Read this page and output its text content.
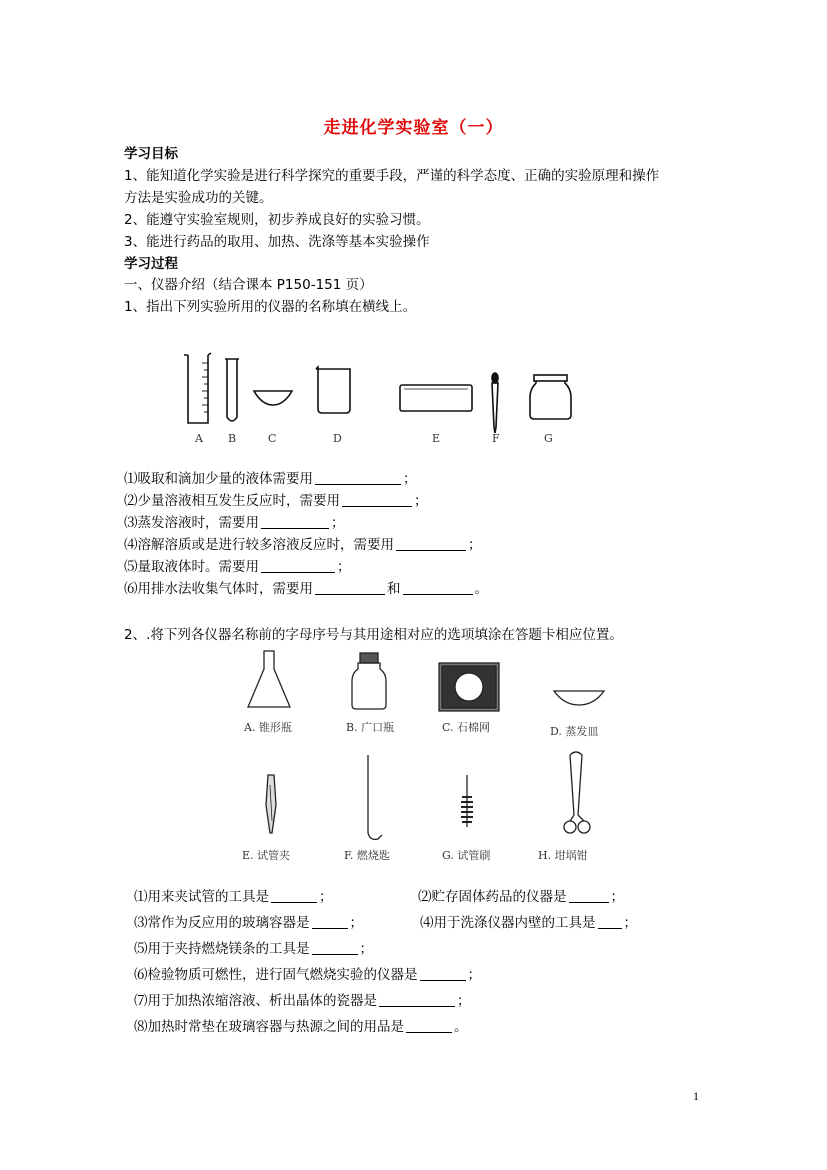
走进化学实验室（一）
学习目标
1、能知道化学实验是进行科学探究的重要手段，严谨的科学态度、正确的实验原理和操作
方法是实验成功的关键。
2、能遵守实验室规则，初步养成良好的实验习惯。
3、能进行药品的取用、加热、洗涤等基本实验操作
学习过程
一、仪器介绍（结合课本 P150-151 页）
1、指出下列实验所用的仪器的名称填在横线上。
A B	C	D	E	F	G
⑴吸取和滴加少量的液体需要用	；
⑵少量溶液相互发生反应时，需要用	；
⑶蒸发溶液时，需要用	；
⑷溶解溶质或是进行较多溶液反应时，需要用	；
⑸量取液体时。需要用	；
⑹用排水法收集气体时，需要用	和	。
2、.将下列各仪器名称前的字母序号与其用途相对应的选项填涂在答题卡相应位置。
A. 锥形瓶	B. 广口瓶	C. 石棉网	D. 蒸发皿
E. 试管夹	F. 燃烧匙	G. 试管刷	H. 坩埚钳
⑴用来夹试管的工具是	；	⑵贮存固体药品的仪器是	；
⑶常作为反应用的玻璃容器是	；	⑷用于洗涤仪器内壁的工具是 ；
⑸用于夹持燃烧镁条的工具是	；
⑹检验物质可燃性，进行固气燃烧实验的仪器是	；
⑺用于加热浓缩溶液、析出晶体的瓷器是	；
⑻加热时常垫在玻璃容器与热源之间的用品是	。
1
